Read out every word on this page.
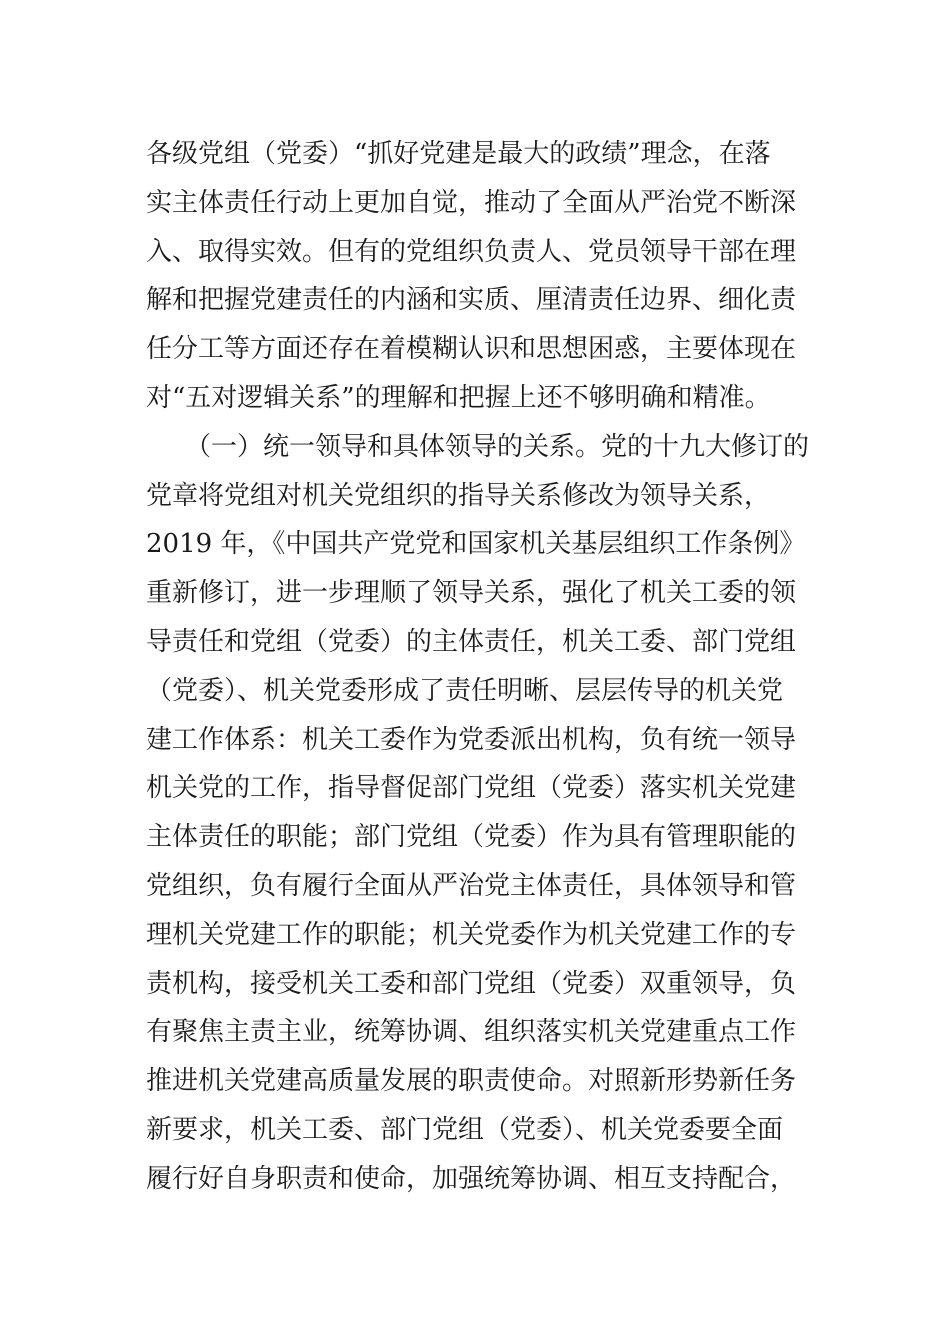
各级党组（党委）“抓好党建是最大的政绩”理念，在落
实主体责任行动上更加自觉，推动了全面从严治党不断深
入、取得实效。但有的党组织负责人、党员领导干部在理
解和把握党建责任的内涵和实质、厘清责任边界、细化责
任分工等方面还存在着模糊认识和思想困惑，主要体现在
对“五对逻辑关系”的理解和把握上还不够明确和精准。
　　（一）统一领导和具体领导的关系。党的十九大修订的
党章将党组对机关党组织的指导关系修改为领导关系，
2019 年，《中国共产党党和国家机关基层组织工作条例》
重新修订，进一步理顺了领导关系，强化了机关工委的领
导责任和党组（党委）的主体责任，机关工委、部门党组
（党委）、机关党委形成了责任明晰、层层传导的机关党
建工作体系：机关工委作为党委派出机构，负有统一领导
机关党的工作，指导督促部门党组（党委）落实机关党建
主体责任的职能；部门党组（党委）作为具有管理职能的
党组织，负有履行全面从严治党主体责任，具体领导和管
理机关党建工作的职能；机关党委作为机关党建工作的专
责机构，接受机关工委和部门党组（党委）双重领导，负
有聚焦主责主业，统筹协调、组织落实机关党建重点工作
推进机关党建高质量发展的职责使命。对照新形势新任务
新要求，机关工委、部门党组（党委）、机关党委要全面
履行好自身职责和使命，加强统筹协调、相互支持配合，
